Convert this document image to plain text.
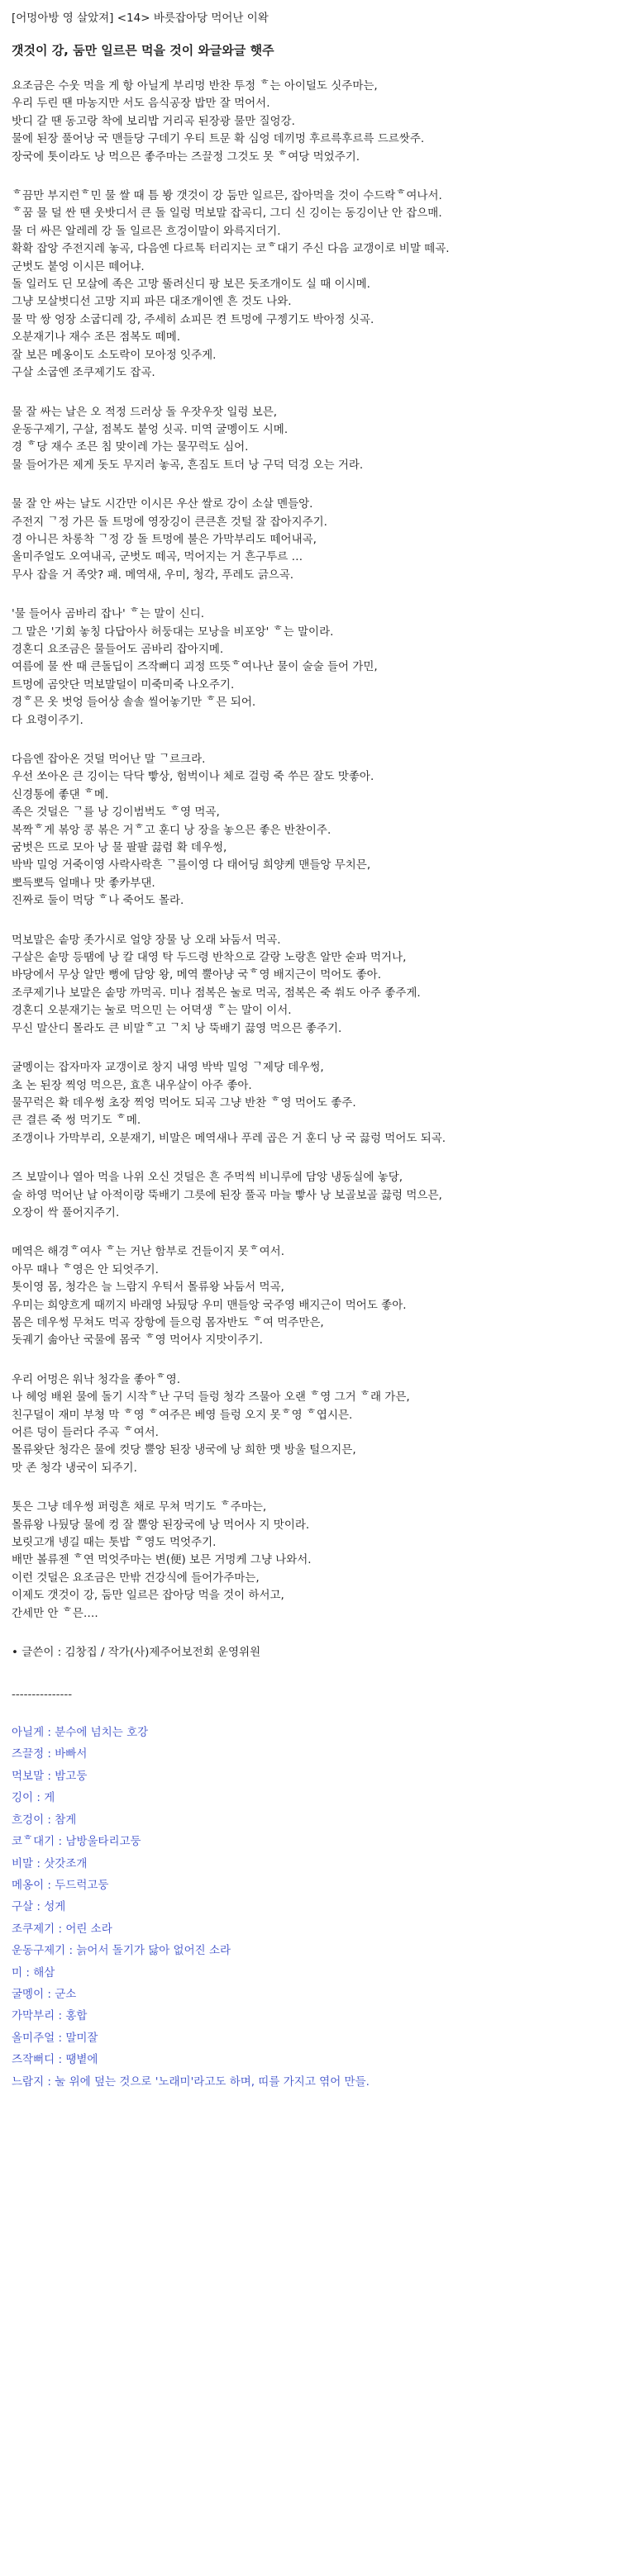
[어멍아방 영 살았져] <14> 바릇잡아당 먹어난 이왁
갯것이 강, 둠만 일르믄 먹을 것이 와글와글 햇주
요조금은 수웃 먹을 게 항 아닐게 부리멍 반찬 투정 ᄒ는 아이덜도 싯주마는,
우리 두린 땐 마농지만 서도 음식공장 밥만 잘 먹어서.
밧디 갈 땐 동고랑 착에 보리밥 거리곡 된장광 물만 질엉강.
물에 된장 풀어낭 국 맨들당 구데기 우티 트문 확 심엉 데끼멍 후르륵후르륵 드르쌋주.
장국에 톳이라도 낭 먹으믄 좋주마는 즈끌정 그것도 못 ᄒ여당 먹었주기.
ᄒ끔만 부지런ᄒ민 물 쌀 때 틈 봥 갯것이 강 둠만 일르믄, 잡아먹을 것이 수드락ᄒ여나서.
ᄒ꿈 물 덜 싼 땐 웃밧디서 큰 돌 일렁 먹보말 잡곡디, 그디 신 깅이는 동깅이난 안 잡으매.
물 더 싸믄 알레레 강 돌 일르믄 흐겅이말이 와륵지더기.
확확 잡앙 주전지레 놓곡, 다음엔 다르톡 터리지는 코ᄒ대기 주신 다음 교갱이로 비말 떼곡.
군벗도 붙엉 이시믄 떼어냐.
돌 일러도 딘 모살에 족은 고망 뚤려신디 팡 보믄 돗조개이도 실 때 이시메.
그냥 모살벗디선 고망 지피 파믄 대조개이엔 흔 것도 나와.
물 막 쌍 엉장 소굽디레 강, 주세히 쇼피믄 켠 트멍에 구젱기도 박아정 싯곡.
오분재기나 재수 조믄 점복도 떼메.
잘 보믄 메옹이도 소도락이 모아정 잇주게.
구살 소굽엔 조쿠제기도 잡곡.
물 잘 싸는 날은 오 적정 드러상 돌 우잣우잣 일렁 보믄,
운동구제기, 구살, 점복도 붙엉 싯곡. 미역 굴멩이도 시메.
경 ᄒ당 재수 조믄 침 맞이레 가는 물꾸럭도 심어.
물 들어가믄 제게 돗도 무지러 놓곡, 흔짐도 트더 낭 구덕 덕겅 오는 거라.
물 잘 안 싸는 날도 시간만 이시믄 우산 쌀로 강이 소살 멘들앙.
주전지 ᄀ정 가믄 돌 트멍에 영장깅이 큰큰흔 것털 잘 잡아지주기.
경 아니믄 차롱착 ᄀ정 강 돌 트멍에 불은 가막부리도 떼어내곡,
올미주얼도 오여내곡, 군벗도 떼곡, 먹어지는 거 흔구투르 …
무사 잡을 거 족앗? 패. 메역새, 우미, 청각, 푸레도 긁으곡.
'물 들어사 곰바리 잡나' ᄒ는 말이 신디.
그 말은 '기회 놓칭 다답아사 허둥대는 모낭을 비포앙' ᄒ는 말이라.
경혼디 요조금은 물들어도 곰바리 잡아지메.
여름에 물 싼 때 큰돌딥이 즈작뻐디 괴정 뜨뜻ᄒ여나난 물이 술술 들어 가민,
트멍에 곰앗단 먹보말덜이 미죽미죽 나오주기.
경ᄒ믄 옷 벗엉 들어상 솔솔 씰어놓기만 ᄒ믄 되어.
다 요령이주기.
다음엔 잡아온 것덜 먹어난 말 ᄀ르크라.
우선 쏘아온 큰 깅이는 닥닥 빻상, 험벅이나 체로 걸렁 죽 쑤믄 잘도 맛좋아.
신경통에 좋댄 ᄒ메.
족은 것덜은 ᄀ를 낭 깅이범벅도 ᄒ영 먹곡,
복짝ᄒ게 볶앙 콩 볶은 거ᄒ고 훈디 낭 장을 놓으믄 좋은 반찬이주.
굼벗은 뜨로 모아 낭 물 팔팔 끓렴 확 데우썽,
박박 밀엉 거죽이영 사락사락흔 ᄀ를이영 다 태어딩 희양케 맨들앙 무치믄,
뽀득뽀득 얼매나 맛 좋카부댄.
진짜로 둘이 먹당 ᄒ나 죽어도 몰라.
먹보말은 솥망 좃가시로 얼양 장물 낭 오래 놔둠서 먹곡.
구살은 솥망 등땜에 낭 칼 대영 탁 두드령 반착으로 갈랑 노랑흔 알만 숟파 먹거나,
바당에서 무상 알만 뻥에 담앙 왕, 메역 뿔아냥 국ᄒ영 배지근이 먹어도 좋아.
조쿠제기나 보말은 솥망 까먹곡. 미나 점복은 눌로 먹곡, 점복은 죽 쒀도 아주 좋주게.
경혼디 오분재기는 눌로 먹으민 는 어뎍생 ᄒ는 말이 이서.
무신 말산디 몰라도 큰 비말ᄒ고 ᄀ치 낭 뚝배기 끓영 먹으믄 좋주기.
굴멩이는 잡자마자 교갱이로 창지 내영 박박 밀엉 ᄀ제당 데우썽,
초 논 된장 찍엉 먹으믄, 효흔 내우살이 아주 좋아.
물꾸럭은 확 데우썽 초장 찍엉 먹어도 되곡 그냥 반찬 ᄒ영 먹어도 좋주.
큰 결른 죽 썽 먹기도 ᄒ메.
조갱이나 가막부리, 오분재기, 비말은 메역새나 푸레 곱은 거 훈디 낭 국 끓렁 먹어도 되곡.
즈 보말이나 열아 먹을 나위 오신 것덜은 흔 주먹씩 비니루에 담앙 냉동실에 놓당,
술 하영 먹어난 날 아적이랑 뚝배기 그릇에 된장 풀곡 마늘 빻사 낭 보골보골 끓렁 먹으믄,
오장이 싹 풀어지주기.
메역은 해경ᄒ여사 ᄒ는 거난 함부로 건들이지 못ᄒ여서.
아무 때나 ᄒ영은 안 되엇주기.
톳이영 몸, 청각은 늘 느람지 우틱서 몰류왕 놔둠서 먹곡,
우미는 희양흐게 때끼지 바래영 놔뒀당 우미 맨들앙 국주영 배지근이 먹어도 좋아.
몸은 데우썽 무쳐도 먹곡 장항에 들으렁 몸자반도 ᄒ여 먹주만은,
돗궤기 솖아난 국물에 몸국 ᄒ영 먹어사 지맛이주기.
우리 어멍은 워낙 청각을 좋아ᄒ영.
나 헤엉 배왼 물에 돌기 시작ᄒ난 구덕 들렁 청각 즈물아 오랜 ᄒ영 그거 ᄒ래 가믄,
친구덜이 재미 부쳥 막 ᄒ영 ᄒ여주믄 베영 들렁 오지 못ᄒ영 ᄒ엽시믄.
어른 덩이 들러다 주곡 ᄒ여서.
몰류왓단 청각은 물에 컷당 뿔앙 된장 냉국에 낭 희한 맷 방울 털으지믄,
맛 존 청각 냉국이 되주기.
톳은 그냥 데우썽 퍼렁흔 채로 무쳐 먹기도 ᄒ주마는,
몰류왕 나뒀당 물에 컹 잘 뿔앙 된장국에 낭 먹어사 지 맛이라.
보릿고개 넹길 때는 톳밥 ᄒ영도 먹엇주기.
배만 볼류젠 ᄒ연 먹엇주마는 변(便) 보믄 거멍케 그냥 나와서.
이런 것덜은 요조금은 만밖 건강식에 들어가주마는,
이제도 갯것이 강, 둠만 일르믄 잡아당 먹을 것이 하서고,
간세만 안 ᄒ믄….
• 글쓴이 : 김창집 / 작가(사)제주어보전회 운영위원
---------------
아닐게 : 분수에 넘치는 호강
즈끌정 : 바빠서
먹보말 : 밤고둥
깅이 : 게
흐겅이 : 참게
코ᄒ대기 : 남방울타리고둥
비말 : 삿갓조개
메옹이 : 두드럭고둥
구살 : 성게
조쿠제기 : 어린 소라
운동구제기 : 늙어서 돌기가 닳아 없어진 소라
미 : 해삼
굴멩이 : 군소
가막부리 : 홍합
올미주얼 : 말미잘
즈작뻐디 : 땡볕에
느람지 : 눌 위에 덮는 것으로 '노래미'라고도 하며, 띠를 가지고 엮어 만들.
